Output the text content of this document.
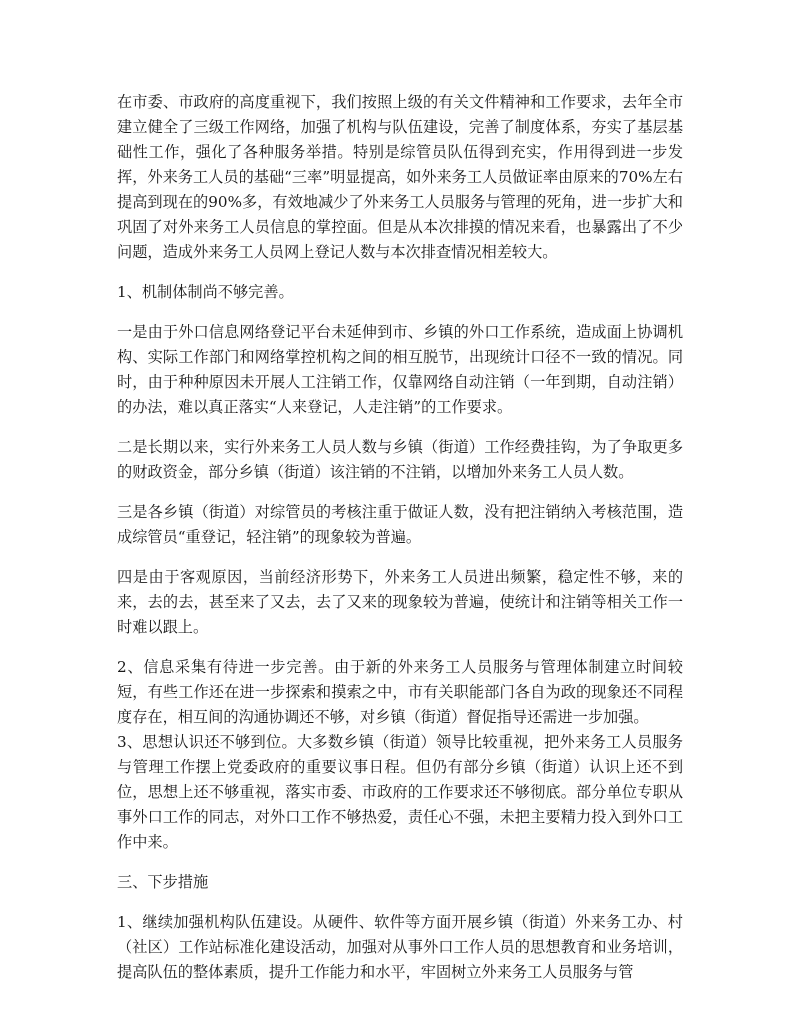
在市委、市政府的高度重视下，我们按照上级的有关文件精神和工作要求，去年全市建立健全了三级工作网络，加强了机构与队伍建设，完善了制度体系，夯实了基层基础性工作，强化了各种服务举措。特别是综管员队伍得到充实，作用得到进一步发挥，外来务工人员的基础“三率”明显提高，如外来务工人员做证率由原来的70%左右提高到现在的90%多，有效地减少了外来务工人员服务与管理的死角，进一步扩大和巩固了对外来务工人员信息的掌控面。但是从本次排摸的情况来看，也暴露出了不少问题，造成外来务工人员网上登记人数与本次排查情况相差较大。

1、机制体制尚不够完善。

一是由于外口信息网络登记平台未延伸到市、乡镇的外口工作系统，造成面上协调机构、实际工作部门和网络掌控机构之间的相互脱节，出现统计口径不一致的情况。同时，由于种种原因未开展人工注销工作，仅靠网络自动注销（一年到期，自动注销）的办法，难以真正落实“人来登记，人走注销”的工作要求。

二是长期以来，实行外来务工人员人数与乡镇（街道）工作经费挂钩，为了争取更多的财政资金，部分乡镇（街道）该注销的不注销，以增加外来务工人员人数。

三是各乡镇（街道）对综管员的考核注重于做证人数，没有把注销纳入考核范围，造成综管员“重登记，轻注销”的现象较为普遍。

四是由于客观原因，当前经济形势下，外来务工人员进出频繁，稳定性不够，来的来，去的去，甚至来了又去，去了又来的现象较为普遍，使统计和注销等相关工作一时难以跟上。

2、信息采集有待进一步完善。由于新的外来务工人员服务与管理体制建立时间较短，有些工作还在进一步探索和摸索之中，市有关职能部门各自为政的现象还不同程度存在，相互间的沟通协调还不够，对乡镇（街道）督促指导还需进一步加强。

3、思想认识还不够到位。大多数乡镇（街道）领导比较重视，把外来务工人员服务与管理工作摆上党委政府的重要议事日程。但仍有部分乡镇（街道）认识上还不到位，思想上还不够重视，落实市委、市政府的工作要求还不够彻底。部分单位专职从事外口工作的同志，对外口工作不够热爱，责任心不强，未把主要精力投入到外口工作中来。

三、下步措施

1、继续加强机构队伍建设。从硬件、软件等方面开展乡镇（街道）外来务工办、村（社区）工作站标准化建设活动，加强对从事外口工作人员的思想教育和业务培训，提高队伍的整体素质，提升工作能力和水平，牢固树立外来务工人员服务与管
